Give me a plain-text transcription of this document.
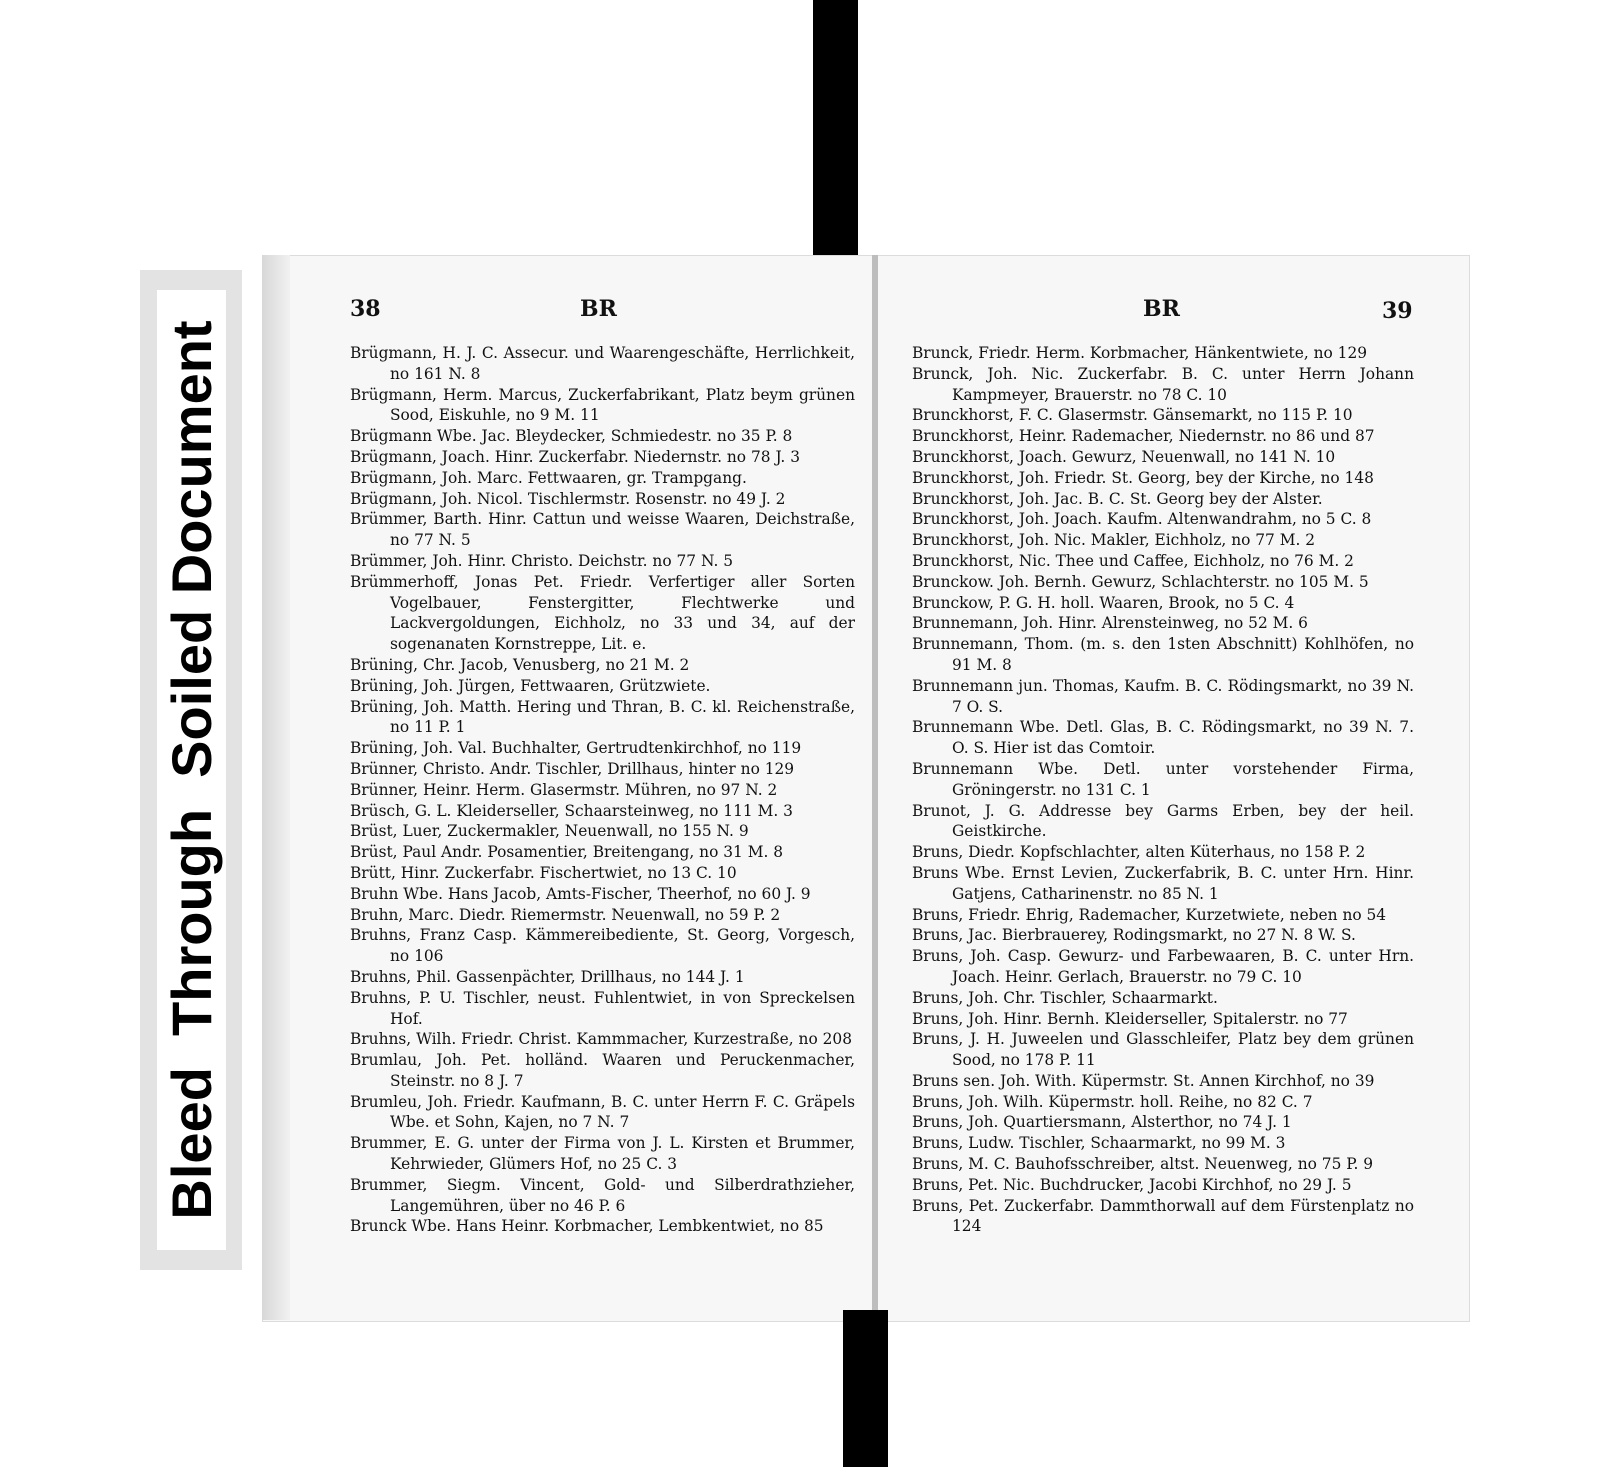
Bleed  Through  Soiled Document
38	BR	BR	39

Brügmann, H. J. C. Assecur. und Waarengeschäfte, Herrlichkeit, no 161 N. 8

Brügmann, Herm. Marcus, Zuckerfabrikant, Platz beym grünen Sood, Eiskuhle, no 9 M. 11

Brügmann Wbe. Jac. Bleydecker, Schmiedestr. no 35 P. 8

Brügmann, Joach. Hinr. Zuckerfabr. Niedernstr. no 78 J. 3

Brügmann, Joh. Marc. Fettwaaren, gr. Trampgang.

Brügmann, Joh. Nicol. Tischlermstr. Rosenstr. no 49 J. 2

Brümmer, Barth. Hinr. Cattun und weisse Waaren, Deichstraße, no 77 N. 5

Brümmer, Joh. Hinr. Christo. Deichstr. no 77 N. 5

Brümmerhoff, Jonas Pet. Friedr. Verfertiger aller Sorten Vogelbauer, Fenstergitter, Flechtwerke und Lackvergoldungen, Eichholz, no 33 und 34, auf der sogenanaten Kornstreppe, Lit. e.

Brüning, Chr. Jacob, Venusberg, no 21 M. 2

Brüning, Joh. Jürgen, Fettwaaren, Grützwiete.

Brüning, Joh. Matth. Hering und Thran, B. C. kl. Reichenstraße, no 11 P. 1

Brüning, Joh. Val. Buchhalter, Gertrudtenkirchhof, no 119

Brünner, Christo. Andr. Tischler, Drillhaus, hinter no 129

Brünner, Heinr. Herm. Glasermstr. Mühren, no 97 N. 2

Brüsch, G. L. Kleiderseller, Schaarsteinweg, no 111 M. 3

Brüst, Luer, Zuckermakler, Neuenwall, no 155 N. 9

Brüst, Paul Andr. Posamentier, Breitengang, no 31 M. 8

Brütt, Hinr. Zuckerfabr. Fischertwiet, no 13 C. 10

Bruhn Wbe. Hans Jacob, Amts-Fischer, Theerhof, no 60 J. 9

Bruhn, Marc. Diedr. Riemermstr. Neuenwall, no 59 P. 2

Bruhns, Franz Casp. Kämmereibediente, St. Georg, Vorgesch, no 106

Bruhns, Phil. Gassenpächter, Drillhaus, no 144 J. 1

Bruhns, P. U. Tischler, neust. Fuhlentwiet, in von Spreckelsen Hof.

Bruhns, Wilh. Friedr. Christ. Kammmacher, Kurzestraße, no 208

Brumlau, Joh. Pet. holländ. Waaren und Peruckenmacher, Steinstr. no 8 J. 7

Brumleu, Joh. Friedr. Kaufmann, B. C. unter Herrn F. C. Gräpels Wbe. et Sohn, Kajen, no 7 N. 7

Brummer, E. G. unter der Firma von J. L. Kirsten et Brummer, Kehrwieder, Glümers Hof, no 25 C. 3

Brummer, Siegm. Vincent, Gold- und Silberdrathzieher, Langemühren, über no 46 P. 6

Brunck Wbe. Hans Heinr. Korbmacher, Lembkentwiet, no 85

Brunck, Friedr. Herm. Korbmacher, Hänkentwiete, no 129

Brunck, Joh. Nic. Zuckerfabr. B. C. unter Herrn Johann Kampmeyer, Brauerstr. no 78 C. 10

Brunckhorst, F. C. Glasermstr. Gänsemarkt, no 115 P. 10

Brunckhorst, Heinr. Rademacher, Niedernstr. no 86 und 87

Brunckhorst, Joach. Gewurz, Neuenwall, no 141 N. 10

Brunckhorst, Joh. Friedr. St. Georg, bey der Kirche, no 148

Brunckhorst, Joh. Jac. B. C. St. Georg bey der Alster.

Brunckhorst, Joh. Joach. Kaufm. Altenwandrahm, no 5 C. 8

Brunckhorst, Joh. Nic. Makler, Eichholz, no 77 M. 2

Brunckhorst, Nic. Thee und Caffee, Eichholz, no 76 M. 2

Brunckow. Joh. Bernh. Gewurz, Schlachterstr. no 105 M. 5

Brunckow, P. G. H. holl. Waaren, Brook, no 5 C. 4

Brunnemann, Joh. Hinr. Alrensteinweg, no 52 M. 6

Brunnemann, Thom. (m. s. den 1sten Abschnitt) Kohlhöfen, no 91 M. 8

Brunnemann jun. Thomas, Kaufm. B. C. Rödingsmarkt, no 39 N. 7 O. S.

Brunnemann Wbe. Detl. Glas, B. C. Rödingsmarkt, no 39 N. 7. O. S. Hier ist das Comtoir.

Brunnemann Wbe. Detl. unter vorstehender Firma, Gröningerstr. no 131 C. 1

Brunot, J. G. Addresse bey Garms Erben, bey der heil. Geistkirche.

Bruns, Diedr. Kopfschlachter, alten Küterhaus, no 158 P. 2

Bruns Wbe. Ernst Levien, Zuckerfabrik, B. C. unter Hrn. Hinr. Gatjens, Catharinenstr. no 85 N. 1

Bruns, Friedr. Ehrig, Rademacher, Kurzetwiete, neben no 54

Bruns, Jac. Bierbrauerey, Rodingsmarkt, no 27 N. 8 W. S.

Bruns, Joh. Casp. Gewurz- und Farbewaaren, B. C. unter Hrn. Joach. Heinr. Gerlach, Brauerstr. no 79 C. 10

Bruns, Joh. Chr. Tischler, Schaarmarkt.

Bruns, Joh. Hinr. Bernh. Kleiderseller, Spitalerstr. no 77

Bruns, J. H. Juweelen und Glasschleifer, Platz bey dem grünen Sood, no 178 P. 11

Bruns sen. Joh. With. Küpermstr. St. Annen Kirchhof, no 39

Bruns, Joh. Wilh. Küpermstr. holl. Reihe, no 82 C. 7

Bruns, Joh. Quartiersmann, Alsterthor, no 74 J. 1

Bruns, Ludw. Tischler, Schaarmarkt, no 99 M. 3

Bruns, M. C. Bauhofsschreiber, altst. Neuenweg, no 75 P. 9

Bruns, Pet. Nic. Buchdrucker, Jacobi Kirchhof, no 29 J. 5

Bruns, Pet. Zuckerfabr. Dammthorwall auf dem Fürstenplatz no 124
